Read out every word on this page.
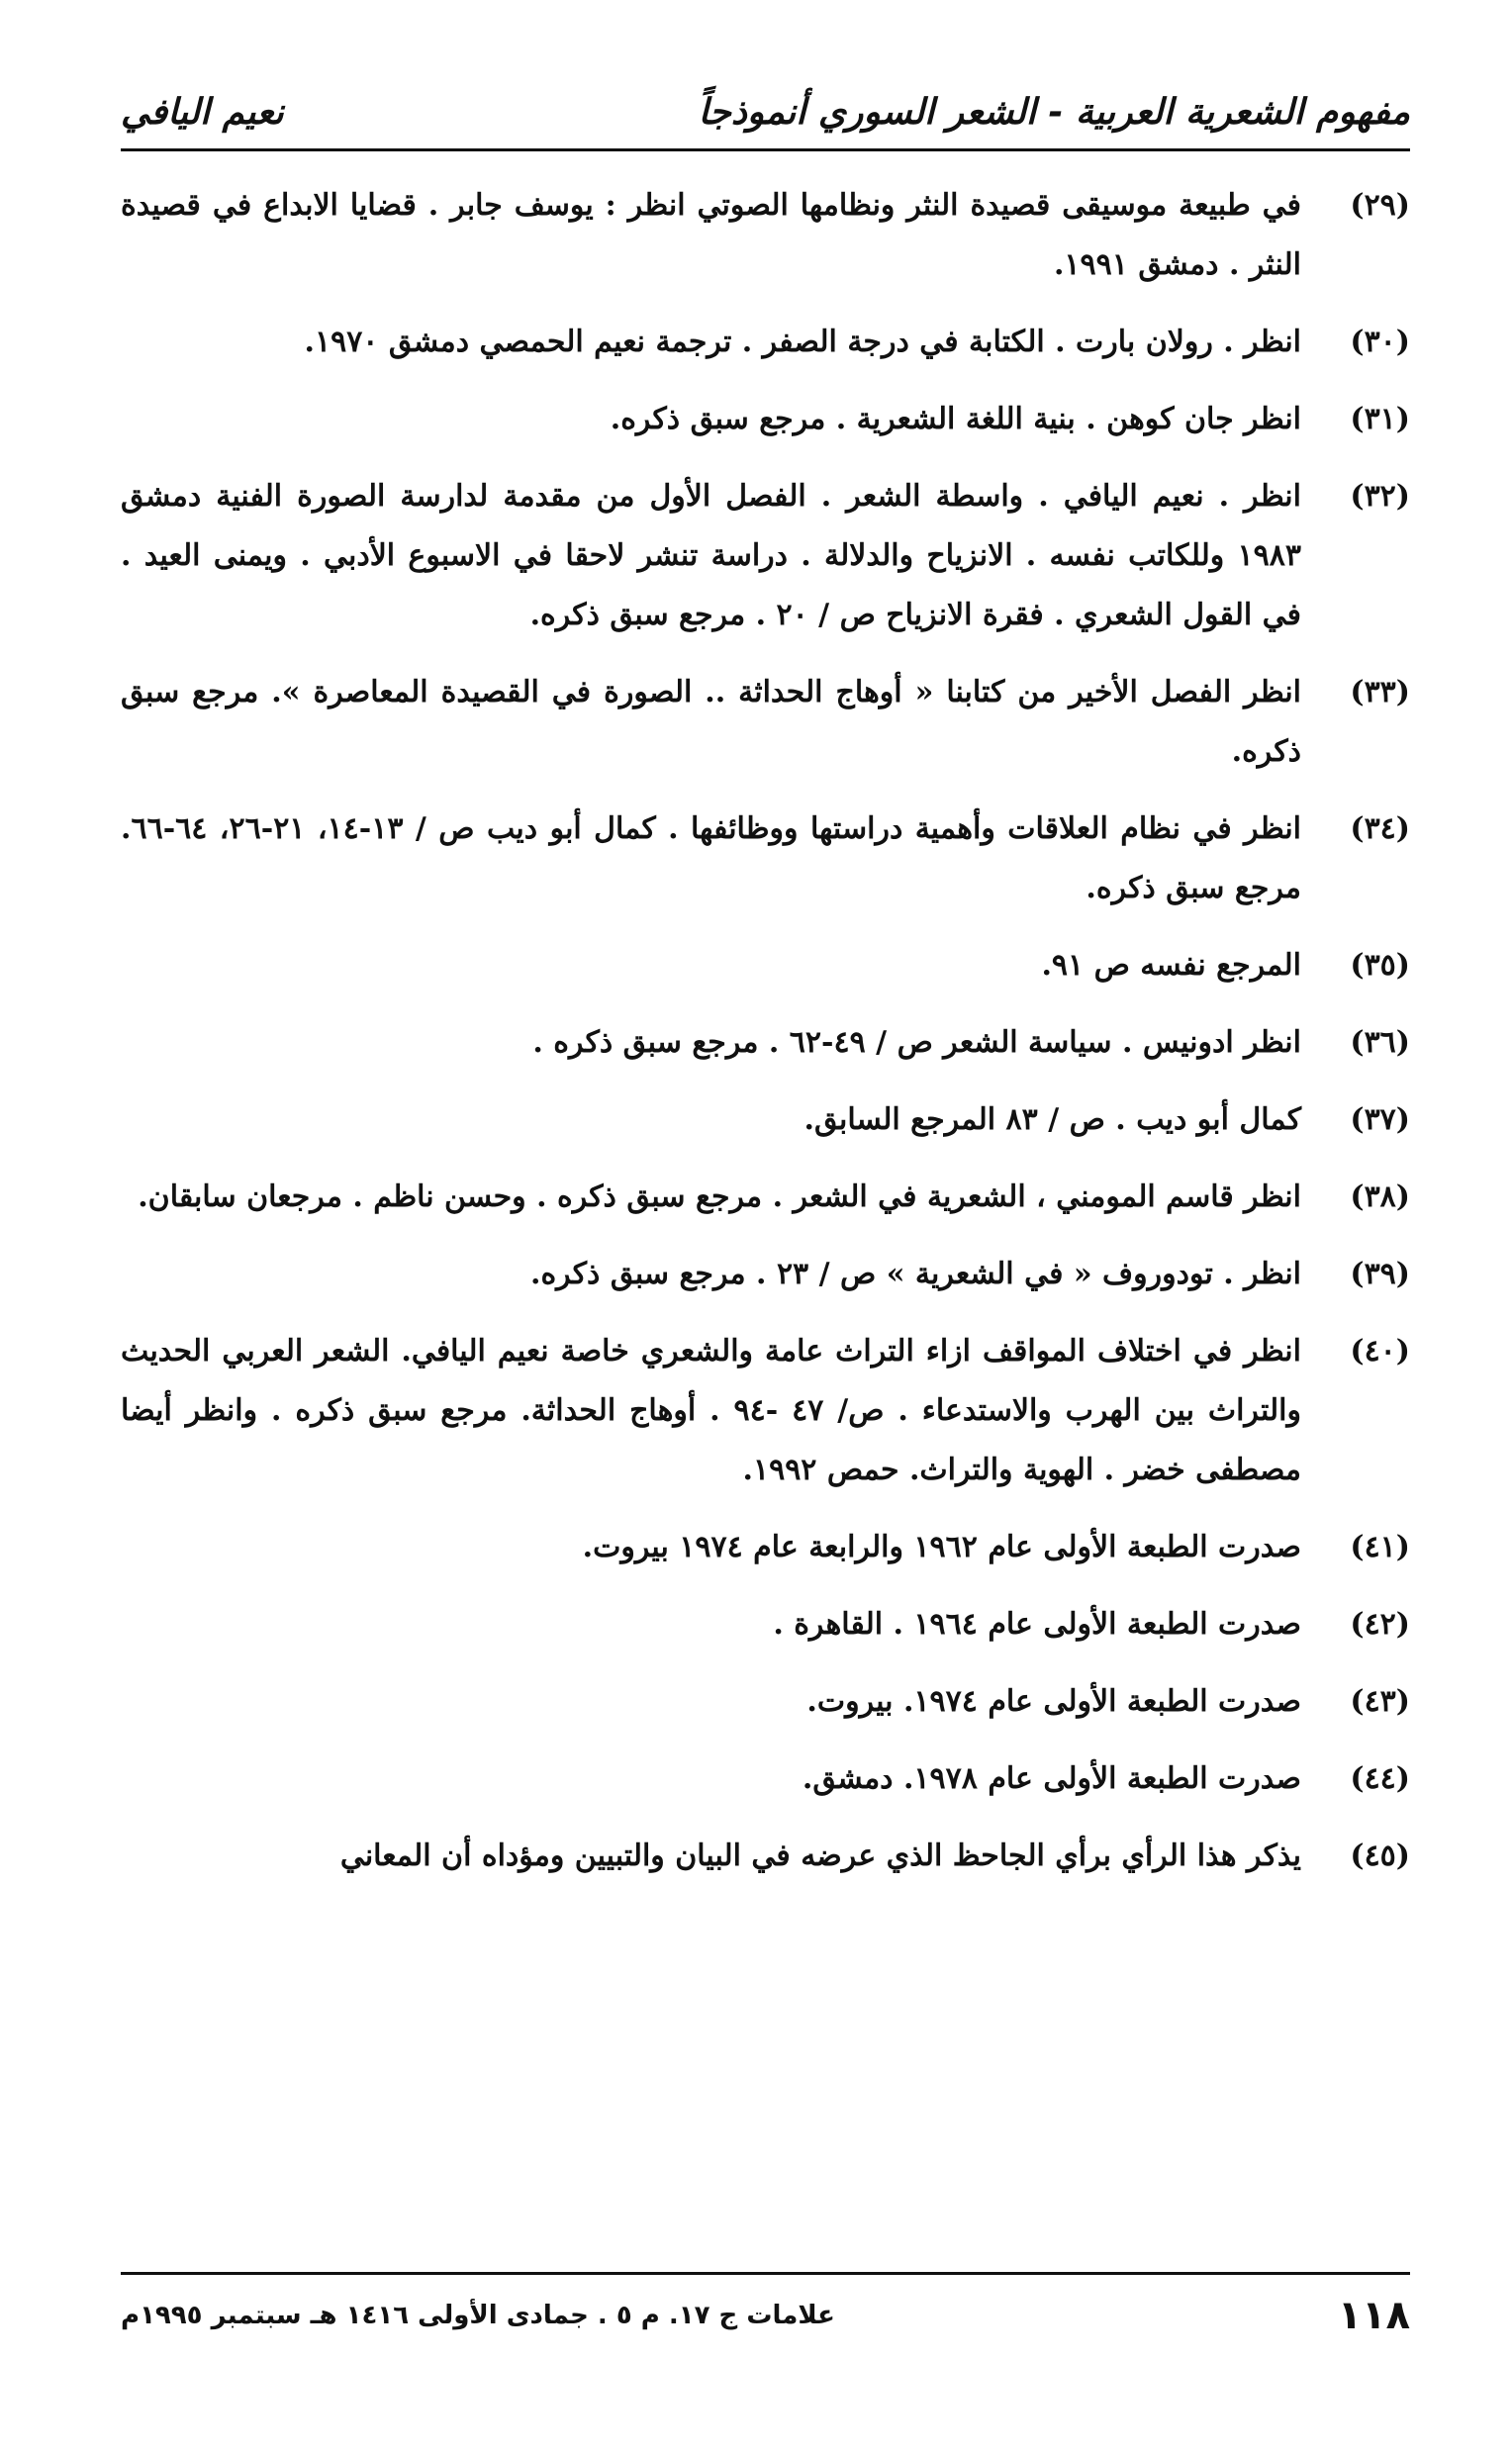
مفهوم الشعرية العربية - الشعر السوري أنموذجاً
نعيم اليافي
(٢٩)
في طبيعة موسيقى قصيدة النثر ونظامها الصوتي انظر : يوسف جابر . قضايا الابداع في قصيدة النثر . دمشق ١٩٩١.
(٣٠)
انظر . رولان بارت . الكتابة في درجة الصفر . ترجمة نعيم الحمصي دمشق ١٩٧٠.
(٣١)
انظر جان كوهن . بنية اللغة الشعرية . مرجع سبق ذكره.
(٣٢)
انظر . نعيم اليافي . واسطة الشعر . الفصل الأول من مقدمة لدارسة الصورة الفنية دمشق ١٩٨٣ وللكاتب نفسه . الانزياح والدلالة . دراسة تنشر لاحقا في الاسبوع الأدبي . ويمنى العيد . في القول الشعري . فقرة الانزياح ص / ٢٠ . مرجع سبق ذكره.
(٣٣)
انظر الفصل الأخير من كتابنا « أوهاج الحداثة .. الصورة في القصيدة المعاصرة ». مرجع سبق ذكره.
(٣٤)
انظر في نظام العلاقات وأهمية دراستها ووظائفها . كمال أبو ديب ص / ١٣-١٤، ٢١-٢٦، ٦٤-٦٦. مرجع سبق ذكره.
(٣٥)
المرجع نفسه ص ٩١.
(٣٦)
انظر ادونيس . سياسة الشعر ص / ٤٩-٦٢ . مرجع سبق ذكره .
(٣٧)
كمال أبو ديب . ص / ٨٣ المرجع السابق.
(٣٨)
انظر قاسم المومني ، الشعرية في الشعر . مرجع سبق ذكره . وحسن ناظم . مرجعان سابقان.
(٣٩)
انظر . تودوروف « في الشعرية » ص / ٢٣ . مرجع سبق ذكره.
(٤٠)
انظر في اختلاف المواقف ازاء التراث عامة والشعري خاصة نعيم اليافي. الشعر العربي الحديث والتراث بين الهرب والاستدعاء . ص/ ٤٧ -٩٤ . أوهاج الحداثة. مرجع سبق ذكره . وانظر أيضا مصطفى خضر . الهوية والتراث. حمص ١٩٩٢.
(٤١)
صدرت الطبعة الأولى عام ١٩٦٢ والرابعة عام ١٩٧٤ بيروت.
(٤٢)
صدرت الطبعة الأولى عام ١٩٦٤ . القاهرة .
(٤٣)
صدرت الطبعة الأولى عام ١٩٧٤. بيروت.
(٤٤)
صدرت الطبعة الأولى عام ١٩٧٨. دمشق.
(٤٥)
يذكر هذا الرأي برأي الجاحظ الذي عرضه في البيان والتبيين ومؤداه أن المعاني
١١٨
علامات ج ١٧. م ٥ . جمادى الأولى ١٤١٦ هـ سبتمبر ١٩٩٥م
